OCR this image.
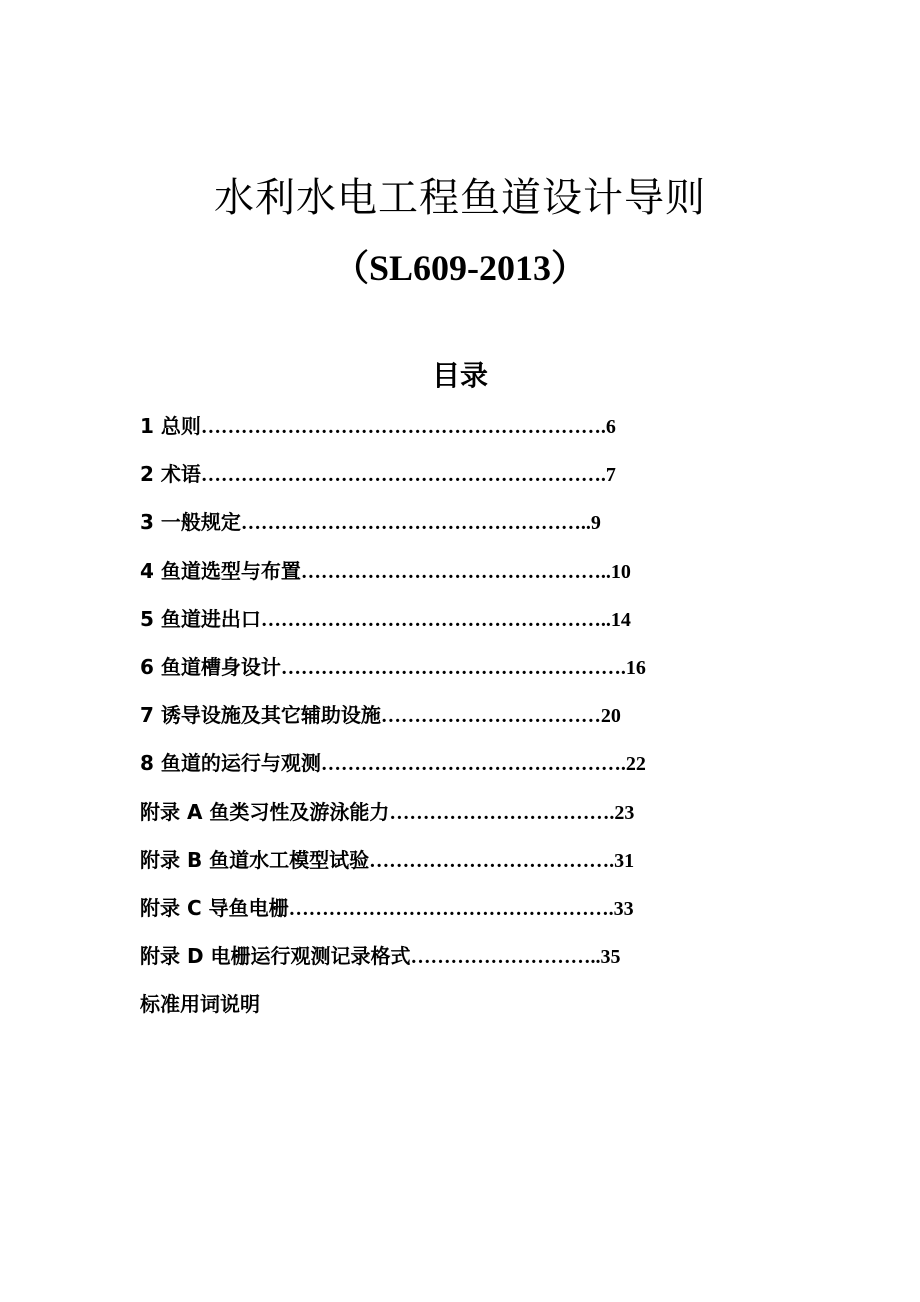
水利水电工程鱼道设计导则
（SL609-2013）
目录
1 总则…………………………………………………….6
2 术语…………………………………………………….7
3 一般规定……………………………………………..9
4 鱼道选型与布置………………………………………..10
5 鱼道进出口……………………………………………..14
6 鱼道槽身设计…………………………………………….16
7 诱导设施及其它辅助设施……………………………20
8 鱼道的运行与观测……………………………………….22
附录 A 鱼类习性及游泳能力…………………………….23
附录 B 鱼道水工模型试验……………………………….31
附录 C 导鱼电栅………………………………………….33
附录 D 电栅运行观测记录格式………………………..35
标准用词说明
